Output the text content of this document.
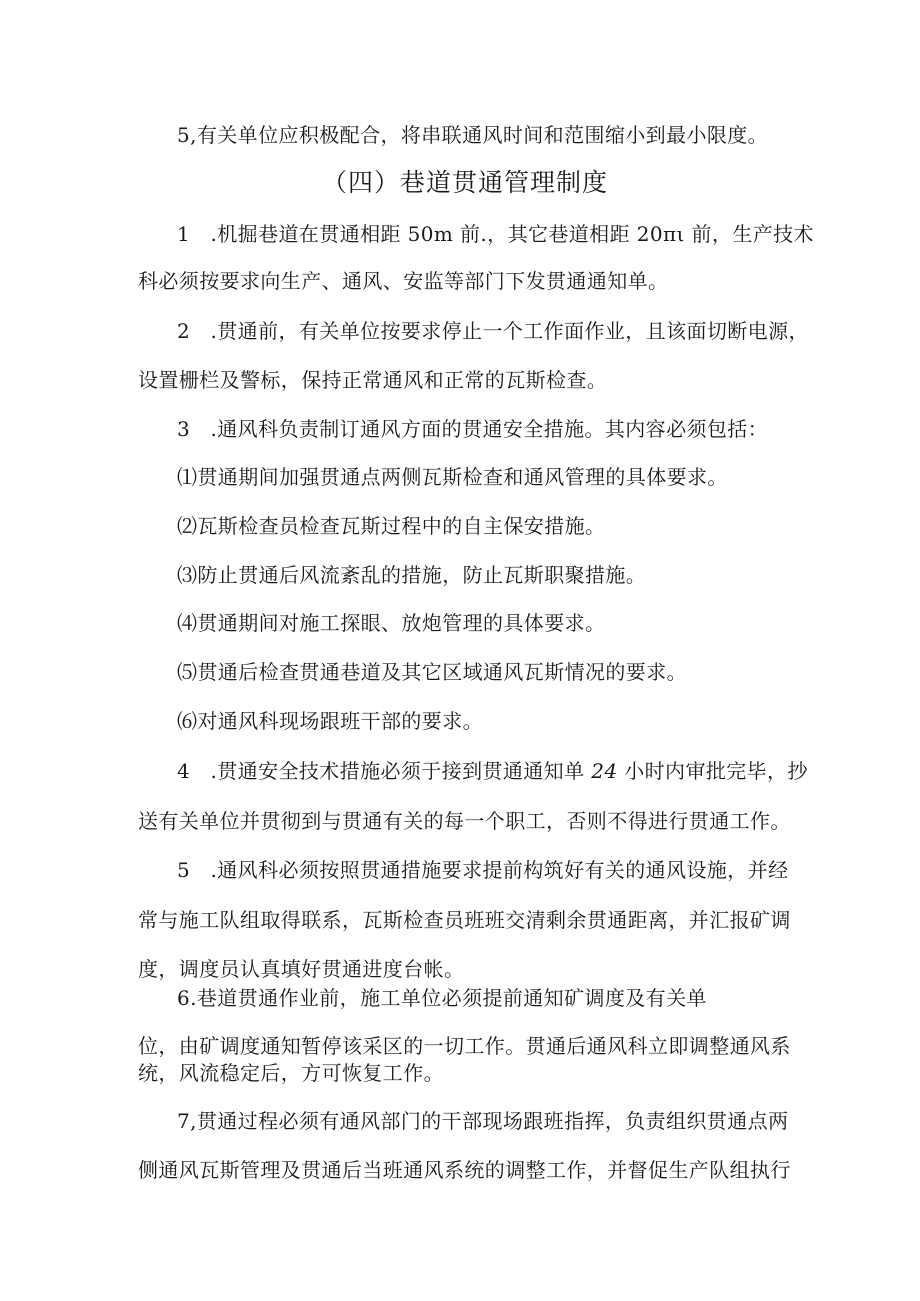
5,有关单位应积极配合，将串联通风时间和范围缩小到最小限度。
（四）巷道贯通管理制度
1　.机掘巷道在贯通相距 50m 前.，其它巷道相距 20πι 前，生产技术
科必须按要求向生产、通风、安监等部门下发贯通通知单。
2　.贯通前，有关单位按要求停止一个工作面作业，且该面切断电源，
设置栅栏及警标，保持正常通风和正常的瓦斯检查。
3　.通风科负责制订通风方面的贯通安全措施。其内容必须包括：
⑴贯通期间加强贯通点两侧瓦斯检查和通风管理的具体要求。
⑵瓦斯检查员检查瓦斯过程中的自主保安措施。
⑶防止贯通后风流紊乱的措施，防止瓦斯职聚措施。
⑷贯通期间对施工探眼、放炮管理的具体要求。
⑸贯通后检查贯通巷道及其它区域通风瓦斯情况的要求。
⑹对通风科现场跟班干部的要求。
4　.贯通安全技术措施必须于接到贯通通知单 24 小时内审批完毕，抄
送有关单位并贯彻到与贯通有关的每一个职工，否则不得进行贯通工作。
5　.通风科必须按照贯通措施要求提前构筑好有关的通风设施，并经
常与施工队组取得联系，瓦斯检查员班班交清剩余贯通距离，并汇报矿调
度，调度员认真填好贯通进度台帐。
6.巷道贯通作业前，施工单位必须提前通知矿调度及有关单
位，由矿调度通知暂停该采区的一切工作。贯通后通风科立即调整通风系
统，风流稳定后，方可恢复工作。
7,贯通过程必须有通风部门的干部现场跟班指挥，负责组织贯通点两
侧通风瓦斯管理及贯通后当班通风系统的调整工作，并督促生产队组执行
